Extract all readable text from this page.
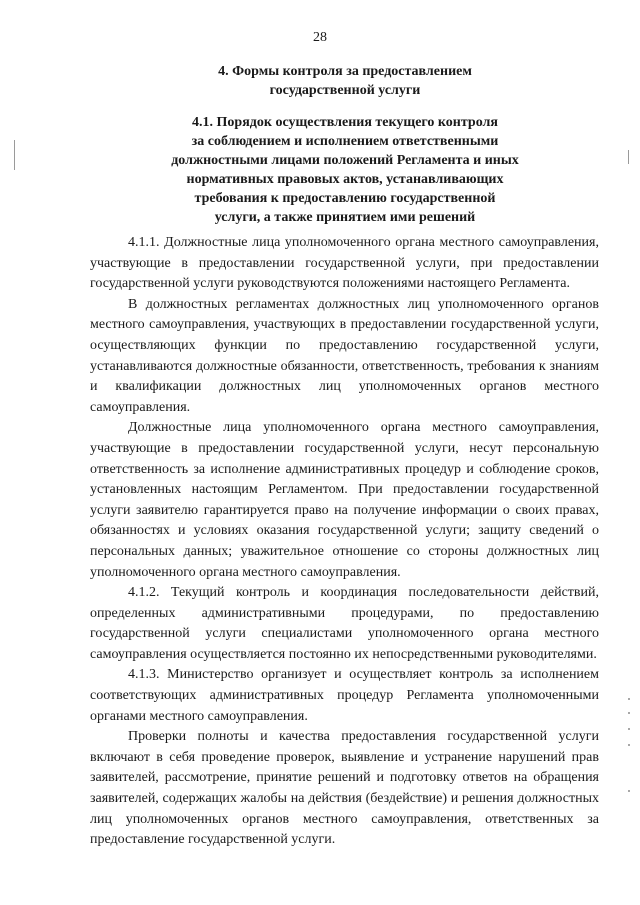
28
4. Формы контроля за предоставлением
государственной услуги
4.1. Порядок осуществления текущего контроля
за соблюдением и исполнением ответственными
должностными лицами положений Регламента и иных
нормативных правовых актов, устанавливающих
требования к предоставлению государственной
услуги, а также принятием ими решений

4.1.1. Должностные лица уполномоченного органа местного самоуправления, участвующие в предоставлении государственной услуги, при предоставлении государственной услуги руководствуются положениями настоящего Регламента.

В должностных регламентах должностных лиц уполномоченного органов местного самоуправления, участвующих в предоставлении государственной услуги, осуществляющих функции по предоставлению государственной услуги, устанавливаются должностные обязанности, ответственность, требования к знаниям и квалификации должностных лиц уполномоченных органов местного самоуправления.

Должностные лица уполномоченного органа местного самоуправления, участвующие в предоставлении государственной услуги, несут персональную ответственность за исполнение административных процедур и соблюдение сроков, установленных настоящим Регламентом. При предоставлении государственной услуги заявителю гарантируется право на получение информации о своих правах, обязанностях и условиях оказания государственной услуги; защиту сведений о персональных данных; уважительное отношение со стороны должностных лиц уполномоченного органа местного самоуправления.

4.1.2. Текущий контроль и координация последовательности действий, определенных административными процедурами, по предоставлению государственной услуги специалистами уполномоченного органа местного самоуправления осуществляется постоянно их непосредственными руководителями.

4.1.3. Министерство организует и осуществляет контроль за исполнением соответствующих административных процедур Регламента уполномоченными органами местного самоуправления.

Проверки полноты и качества предоставления государственной услуги включают в себя проведение проверок, выявление и устранение нарушений прав заявителей, рассмотрение, принятие решений и подготовку ответов на обращения заявителей, содержащих жалобы на действия (бездействие) и решения должностных лиц уполномоченных органов местного самоуправления, ответственных за предоставление государственной услуги.
